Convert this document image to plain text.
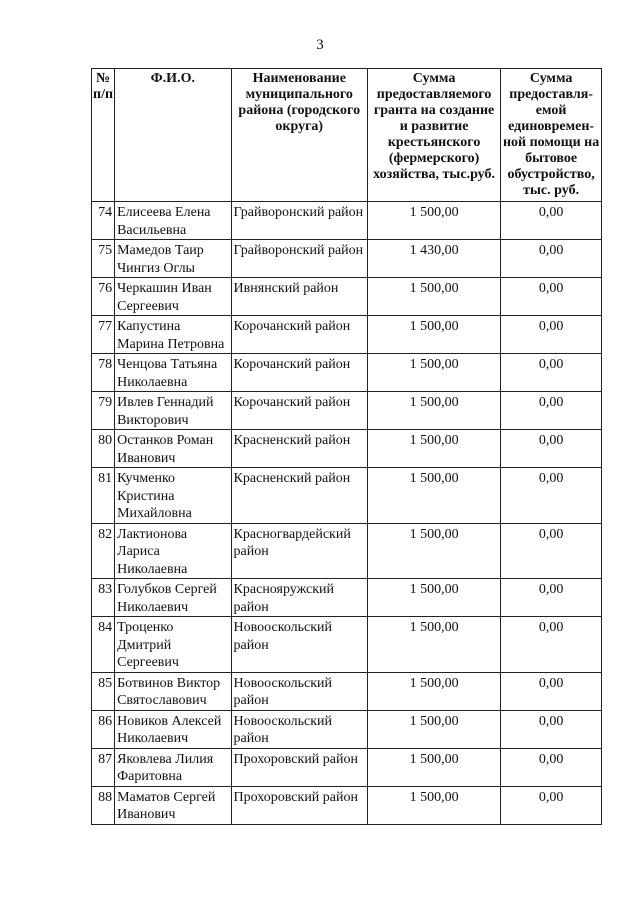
3
№ п/п	Ф.И.О.	Наименование муниципального района (городского округа)	Сумма предоставляемого гранта на создание и развитие крестьянского (фермерского) хозяйства, тыс.руб.	Сумма предоставля-емой единовремен-ной помощи на бытовое обустройство, тыс. руб.
74	Елисеева Елена Васильевна	Грайворонский район	1 500,00	0,00
75	Мамедов Таир Чингиз Оглы	Грайворонский район	1 430,00	0,00
76	Черкашин Иван Сергеевич	Ивнянский район	1 500,00	0,00
77	Капустина Марина Петровна	Корочанский район	1 500,00	0,00
78	Ченцова Татьяна Николаевна	Корочанский район	1 500,00	0,00
79	Ивлев Геннадий Викторович	Корочанский район	1 500,00	0,00
80	Останков Роман Иванович	Красненский район	1 500,00	0,00
81	Кучменко Кристина Михайловна	Красненский район	1 500,00	0,00
82	Лактионова Лариса Николаевна	Красногвардейский район	1 500,00	0,00
83	Голубков Сергей Николаевич	Краснояружский район	1 500,00	0,00
84	Троценко Дмитрий Сергеевич	Новооскольский район	1 500,00	0,00
85	Ботвинов Виктор Святославович	Новооскольский район	1 500,00	0,00
86	Новиков Алексей Николаевич	Новооскольский район	1 500,00	0,00
87	Яковлева Лилия Фаритовна	Прохоровский район	1 500,00	0,00
88	Маматов Сергей Иванович	Прохоровский район	1 500,00	0,00
